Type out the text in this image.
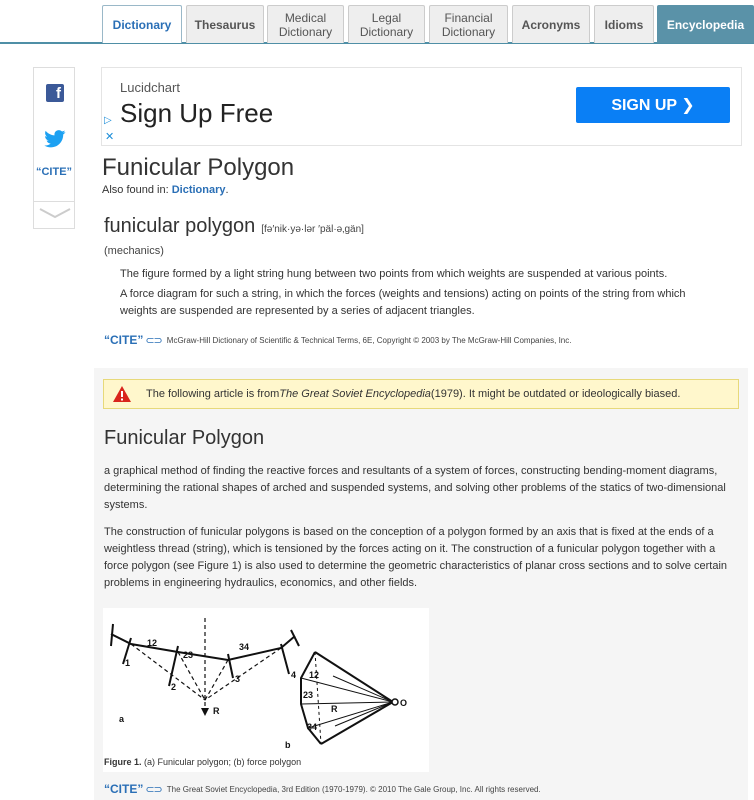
Dictionary Thesaurus	Medical
Dictionary
Legal
Dictionary
Financial
Dictionary Acronyms Idioms Encyclopedia
f
“CITE”
Lucidchart
Sign Up Free
▷
✕
SIGN UP ❯
Funicular Polygon
Also found in: Dictionary.
funicular polygon [fə′nik·yə·lər ′päl·ə‚gän]
(mechanics)
The figure formed by a light string hung between two points from which weights are suspended at various points.
A force diagram for such a string, in which the forces (weights and tensions) acting on points of the string from which weights are suspended are represented by a series of adjacent triangles.
“CITE” ⊂⊃ McGraw-Hill Dictionary of Scientific & Technical Terms, 6E, Copyright © 2003 by The McGraw-Hill Companies, Inc.
The following article is from The Great Soviet Encyclopedia (1979). It might be outdated or ideologically biased.
Funicular Polygon
a graphical method of finding the reactive forces and resultants of a system of forces, constructing bending-moment diagrams, determining the rational shapes of arched and suspended systems, and solving other problems of the statics of two-dimensional systems.
The construction of funicular polygons is based on the conception of a polygon formed by an axis that is fixed at the ends of a weightless thread (string), which is tensioned by the forces acting on it. The construction of a funicular polygon together with a force polygon (see Figure 1) is also used to determine the geometric characteristics of planar cross sections and to solve certain problems in engineering hydraulics, economics, and other fields.
12
23
34
1
2
3	4
R
a
23
12
34
R
O
b
Figure 1. (a) Funicular polygon; (b) force polygon
“CITE” ⊂⊃ The Great Soviet Encyclopedia, 3rd Edition (1970-1979). © 2010 The Gale Group, Inc. All rights reserved.
